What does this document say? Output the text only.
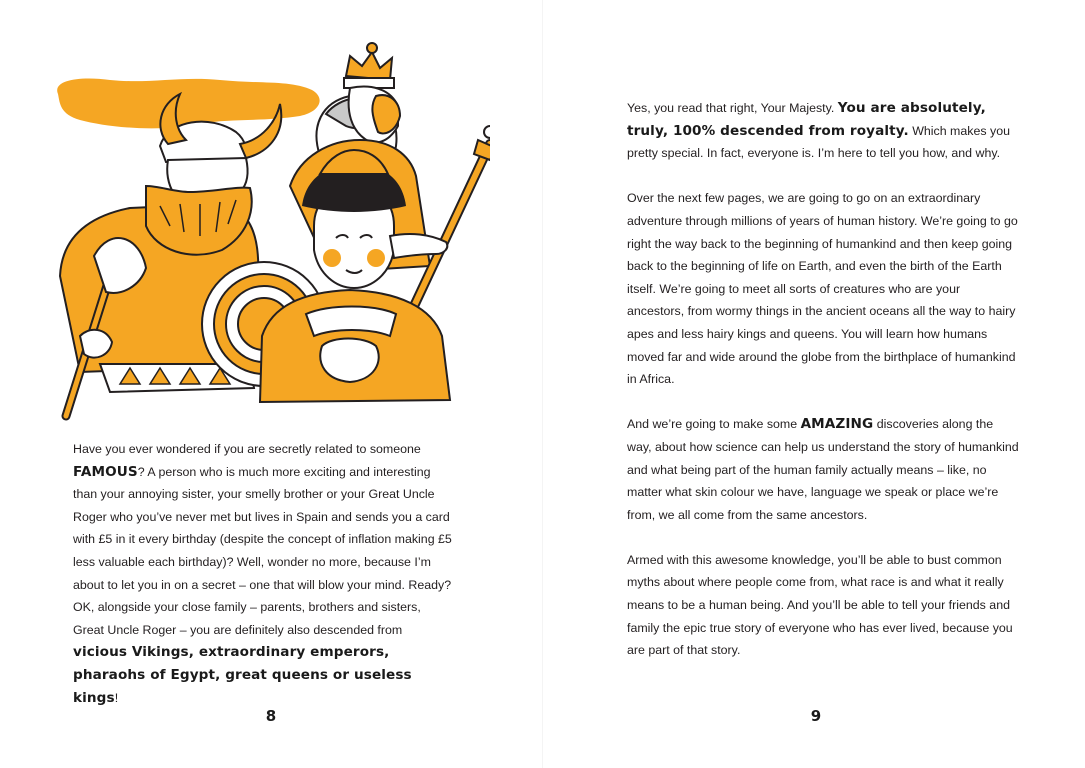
Have you ever wondered if you are secretly related to someone FAMOUS? A person who is much more exciting and interesting than your annoying sister, your smelly brother or your Great Uncle Roger who you’ve never met but lives in Spain and sends you a card with £5 in it every birthday (despite the concept of inflation making £5 less valuable each birthday)? Well, wonder no more, because I’m about to let you in on a secret – one that will blow your mind. Ready? OK, alongside your close family – parents, brothers and sisters, Great Uncle Roger – you are definitely also descended from vicious Vikings, extraordinary emperors, pharaohs of Egypt, great queens or useless kings!

8

Yes, you read that right, Your Majesty. You are absolutely, truly, 100% descended from royalty. Which makes you pretty special. In fact, everyone is. I’m here to tell you how, and why.

Over the next few pages, we are going to go on an extraordinary adventure through millions of years of human history. We’re going to go right the way back to the beginning of humankind and then keep going back to the beginning of life on Earth, and even the birth of the Earth itself. We’re going to meet all sorts of creatures who are your ancestors, from wormy things in the ancient oceans all the way to hairy apes and less hairy kings and queens. You will learn how humans moved far and wide around the globe from the birthplace of humankind in Africa.

And we’re going to make some AMAZING discoveries along the way, about how science can help us understand the story of humankind and what being part of the human family actually means – like, no matter what skin colour we have, language we speak or place we’re from, we all come from the same ancestors.

Armed with this awesome knowledge, you’ll be able to bust common myths about where people come from, what race is and what it really means to be a human being. And you’ll be able to tell your friends and family the epic true story of everyone who has ever lived, because you are part of that story.

9
